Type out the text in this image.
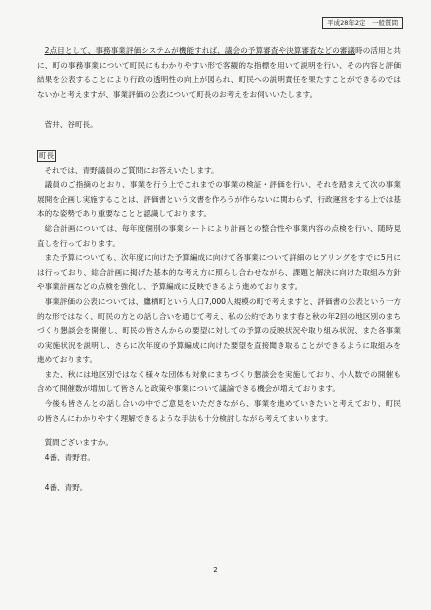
平成28年2定　一般質問

2点目として、事務事業評価システムが機能すれば、議会の予算審査や決算審査などの審議時の活用と共に、町の事務事業について町民にもわかりやすい形で客観的な指標を用いて説明を行い、その内容と評価結果を公表することにより行政の透明性の向上が図られ、町民への説明責任を果たすことができるのではないかと考えますが、事業評価の公表について町長のお考えをお伺いいたします。

菅井、谷町長。

町長

それでは、青野議員のご質問にお答えいたします。

議員のご指摘のとおり、事業を行う上でこれまでの事業の検証・評価を行い、それを踏まえて次の事業展開を企画し実施することは、評価書という文書を作ろうが作らないに関わらず、行政運営をする上では基本的な姿勢であり重要なことと認識しております。

総合計画については、毎年度個別の事業シートにより計画との整合性や事業内容の点検を行い、随時見直しを行っております。

また予算についても、次年度に向けた予算編成に向けて各事業について詳細のヒアリングをすでに5月には行っており、総合計画に掲げた基本的な考え方に照らし合わせながら、課題と解決に向けた取組み方針や事業計画などの点検を強化し、予算編成に反映できるよう進めております。

事業評価の公表については、鷹栖町という人口7,000人規模の町で考えますと、評価書の公表という一方的な形ではなく、町民の方との話し合いを通じて考え、私の公約であります春と秋の年2回の地区別のまちづくり懇談会を開催し、町民の皆さんからの要望に対しての予算の反映状況や取り組み状況、また各事業の実施状況を説明し、さらに次年度の予算編成に向けた要望を直接聞き取ることができるように取組みを進めております。

また、秋には地区別ではなく様々な団体も対象にまちづくり懇談会を実施しており、小人数での開催も含めて開催数が増加して皆さんと政策や事業について議論できる機会が増えております。

今後も皆さんとの話し合いの中でご意見をいただきながら、事業を進めていきたいと考えており、町民の皆さんにわかりやすく理解できるような手法も十分検討しながら考えてまいります。

質問ございますか。

4番、青野君。

4番、青野。

2
